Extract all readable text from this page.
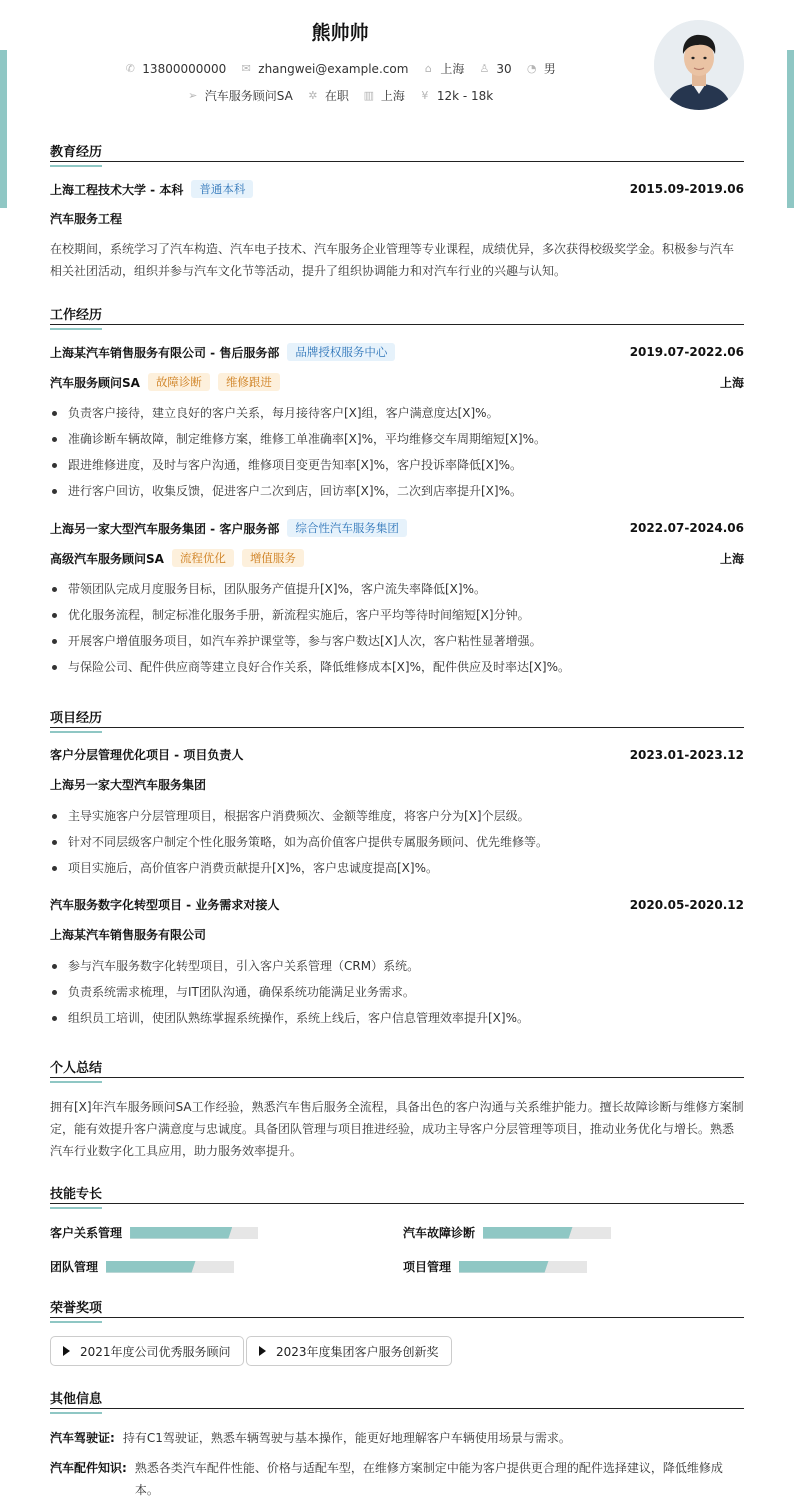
熊帅帅
✆ 13800000000 ✉ zhangwei@example.com ⌂ 上海 ♙ 30 ◔ 男
➢ 汽车服务顾问SA ✲ 在职 ▥ 上海 ¥ 12k - 18k
教育经历
上海工程技术大学 - 本科	普通本科	2015.09-2019.06
汽车服务工程
在校期间，系统学习了汽车构造、汽车电子技术、汽车服务企业管理等专业课程，成绩优异，多次获得校级奖学金。积极参与汽车相关社团活动，组织并参与汽车文化节等活动，提升了组织协调能力和对汽车行业的兴趣与认知。
工作经历
上海某汽车销售服务有限公司 - 售后服务部	品牌授权服务中心	2019.07-2022.06
汽车服务顾问SA	故障诊断	维修跟进	上海
负责客户接待，建立良好的客户关系，每月接待客户[X]组，客户满意度达[X]%。
准确诊断车辆故障，制定维修方案，维修工单准确率[X]%，平均维修交车周期缩短[X]%。
跟进维修进度，及时与客户沟通，维修项目变更告知率[X]%，客户投诉率降低[X]%。
进行客户回访，收集反馈，促进客户二次到店，回访率[X]%，二次到店率提升[X]%。
上海另一家大型汽车服务集团 - 客户服务部	综合性汽车服务集团	2022.07-2024.06
高级汽车服务顾问SA	流程优化	增值服务	上海
带领团队完成月度服务目标，团队服务产值提升[X]%，客户流失率降低[X]%。
优化服务流程，制定标准化服务手册，新流程实施后，客户平均等待时间缩短[X]分钟。
开展客户增值服务项目，如汽车养护课堂等，参与客户数达[X]人次，客户粘性显著增强。
与保险公司、配件供应商等建立良好合作关系，降低维修成本[X]%，配件供应及时率达[X]%。
项目经历
客户分层管理优化项目 - 项目负责人	2023.01-2023.12
上海另一家大型汽车服务集团
主导实施客户分层管理项目，根据客户消费频次、金额等维度，将客户分为[X]个层级。
针对不同层级客户制定个性化服务策略，如为高价值客户提供专属服务顾问、优先维修等。
项目实施后，高价值客户消费贡献提升[X]%，客户忠诚度提高[X]%。
汽车服务数字化转型项目 - 业务需求对接人	2020.05-2020.12
上海某汽车销售服务有限公司
参与汽车服务数字化转型项目，引入客户关系管理（CRM）系统。
负责系统需求梳理，与IT团队沟通，确保系统功能满足业务需求。
组织员工培训，使团队熟练掌握系统操作，系统上线后，客户信息管理效率提升[X]%。
个人总结
拥有[X]年汽车服务顾问SA工作经验，熟悉汽车售后服务全流程，具备出色的客户沟通与关系维护能力。擅长故障诊断与维修方案制定，能有效提升客户满意度与忠诚度。具备团队管理与项目推进经验，成功主导客户分层管理等项目，推动业务优化与增长。熟悉汽车行业数字化工具应用，助力服务效率提升。
技能专长
客户关系管理	汽车故障诊断
团队管理	项目管理
荣誉奖项
2021年度公司优秀服务顾问	2023年度集团客户服务创新奖
其他信息
汽车驾驶证: 持有C1驾驶证，熟悉车辆驾驶与基本操作，能更好地理解客户车辆使用场景与需求。
汽车配件知识: 熟悉各类汽车配件性能、价格与适配车型，在维修方案制定中能为客户提供更合理的配件选择建议，降低维修成本。
